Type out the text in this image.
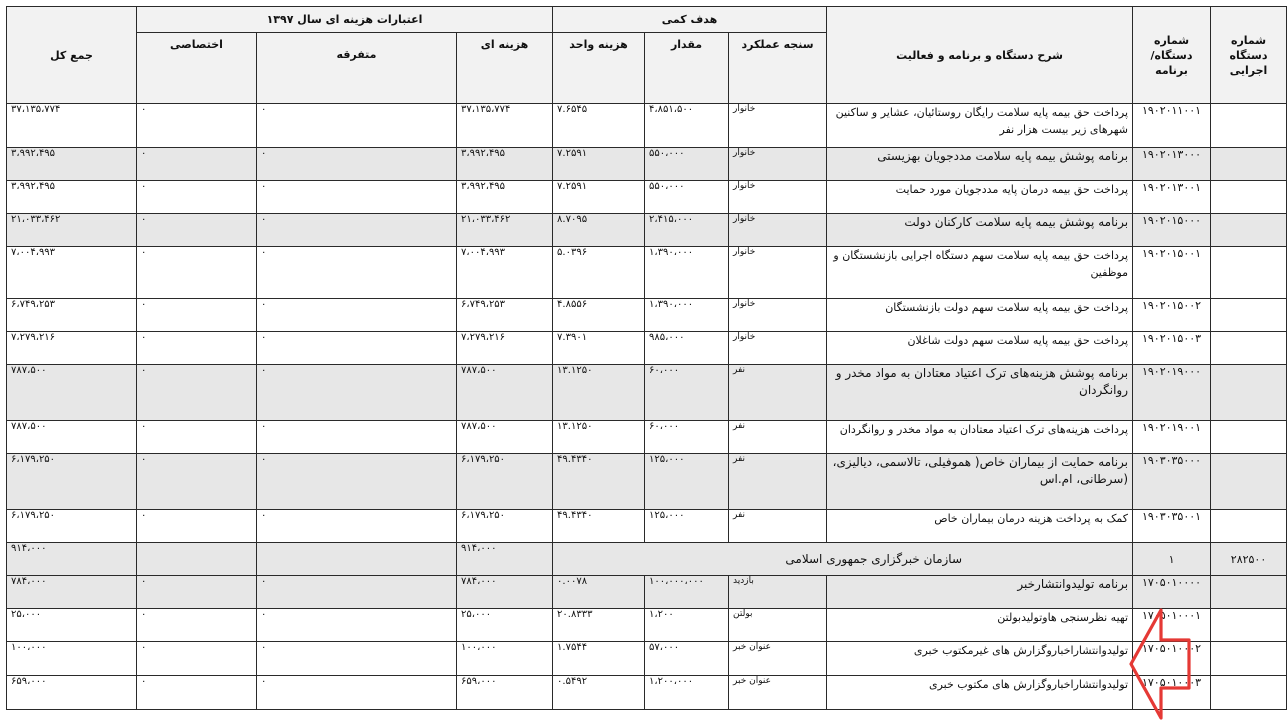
جمع کل	اعتبارات هزینه ای سال ۱۳۹۷			هدف کمی			شرح دستگاه و برنامه و فعالیت	شماره دستگاه/ برنامه	شماره دستگاه اجرایی
	اختصاصی	متفرقه	هزینه ای	هزینه واحد	مقدار	سنجه عملکرد			
۳۷،۱۳۵،۷۷۴	۰	۰	۳۷،۱۳۵،۷۷۴	۷.۶۵۴۵	۴،۸۵۱،۵۰۰	خانوار	پرداخت حق بیمه پایه سلامت رایگان روستائیان، عشایر و ساکنین شهرهای زیر بیست هزار نفر	۱۹۰۲۰۱۱۰۰۱	
۳،۹۹۲،۴۹۵	۰	۰	۳،۹۹۲،۴۹۵	۷.۲۵۹۱	۵۵۰،۰۰۰	خانوار	برنامه پوشش بیمه پایه سلامت مددجویان بهزیستی	۱۹۰۲۰۱۳۰۰۰	
۳،۹۹۲،۴۹۵	۰	۰	۳،۹۹۲،۴۹۵	۷.۲۵۹۱	۵۵۰،۰۰۰	خانوار	پرداخت حق بیمه درمان پایه مددجویان مورد حمایت	۱۹۰۲۰۱۳۰۰۱	
۲۱،۰۳۳،۴۶۲	۰	۰	۲۱،۰۳۳،۴۶۲	۸.۷۰۹۵	۲،۴۱۵،۰۰۰	خانوار	برنامه پوشش بیمه پایه سلامت کارکنان دولت	۱۹۰۲۰۱۵۰۰۰	
۷،۰۰۴،۹۹۳	۰	۰	۷،۰۰۴،۹۹۳	۵.۰۳۹۶	۱،۳۹۰،۰۰۰	خانوار	پرداخت حق بیمه پایه سلامت سهم دستگاه اجرایی بازنشستگان و موظفین	۱۹۰۲۰۱۵۰۰۱	
۶،۷۴۹،۲۵۳	۰	۰	۶،۷۴۹،۲۵۳	۴.۸۵۵۶	۱،۳۹۰،۰۰۰	خانوار	پرداخت حق بیمه پایه سلامت سهم دولت بازنشستگان	۱۹۰۲۰۱۵۰۰۲	
۷،۲۷۹،۲۱۶	۰	۰	۷،۲۷۹،۲۱۶	۷.۳۹۰۱	۹۸۵،۰۰۰	خانوار	پرداخت حق بیمه پایه سلامت سهم دولت شاغلان	۱۹۰۲۰۱۵۰۰۳	
۷۸۷،۵۰۰	۰	۰	۷۸۷،۵۰۰	۱۳.۱۲۵۰	۶۰،۰۰۰	نفر	برنامه پوشش هزینه‌های ترک اعتیاد معتادان به مواد مخدر و روانگردان	۱۹۰۲۰۱۹۰۰۰	
۷۸۷،۵۰۰	۰	۰	۷۸۷،۵۰۰	۱۳.۱۲۵۰	۶۰،۰۰۰	نفر	پرداخت هزینه‌های ترک اعتیاد معتادان به مواد مخدر و روانگردان	۱۹۰۲۰۱۹۰۰۱	
۶،۱۷۹،۲۵۰	۰	۰	۶،۱۷۹،۲۵۰	۴۹.۴۳۴۰	۱۲۵،۰۰۰	نفر	برنامه حمایت از بیماران خاص( هموفیلی، تالاسمی، دیالیزی، (سرطانی، ام.اس	۱۹۰۳۰۳۵۰۰۰	
۶،۱۷۹،۲۵۰	۰	۰	۶،۱۷۹،۲۵۰	۴۹.۴۳۴۰	۱۲۵،۰۰۰	نفر	کمک به پرداخت هزینه درمان بیماران خاص	۱۹۰۳۰۳۵۰۰۱	
۹۱۴،۰۰۰			۹۱۴،۰۰۰	سازمان خبرگزاری جمهوری اسلامی				۱	۲۸۲۵۰۰
۷۸۴،۰۰۰	۰	۰	۷۸۴،۰۰۰	۰.۰۰۷۸	۱۰۰،۰۰۰،۰۰۰	بازدید	برنامه تولیدوانتشارخبر	۱۷۰۵۰۱۰۰۰۰	
۲۵،۰۰۰	۰	۰	۲۵،۰۰۰	۲۰.۸۳۳۳	۱،۲۰۰	بولتن	تهیه نظرسنجی هاوتولیدبولتن	۱۷۰۵۰۱۰۰۰۱	
۱۰۰،۰۰۰	۰	۰	۱۰۰،۰۰۰	۱.۷۵۴۴	۵۷،۰۰۰	عنوان خبر	تولیدوانتشاراخباروگزارش های غیرمکتوب خبری	۱۷۰۵۰۱۰۰۰۲	
۶۵۹،۰۰۰	۰	۰	۶۵۹،۰۰۰	۰.۵۴۹۲	۱،۲۰۰،۰۰۰	عنوان خبر	تولیدوانتشاراخباروگزارش های مکتوب خبری	۱۷۰۵۰۱۰۰۰۳	
